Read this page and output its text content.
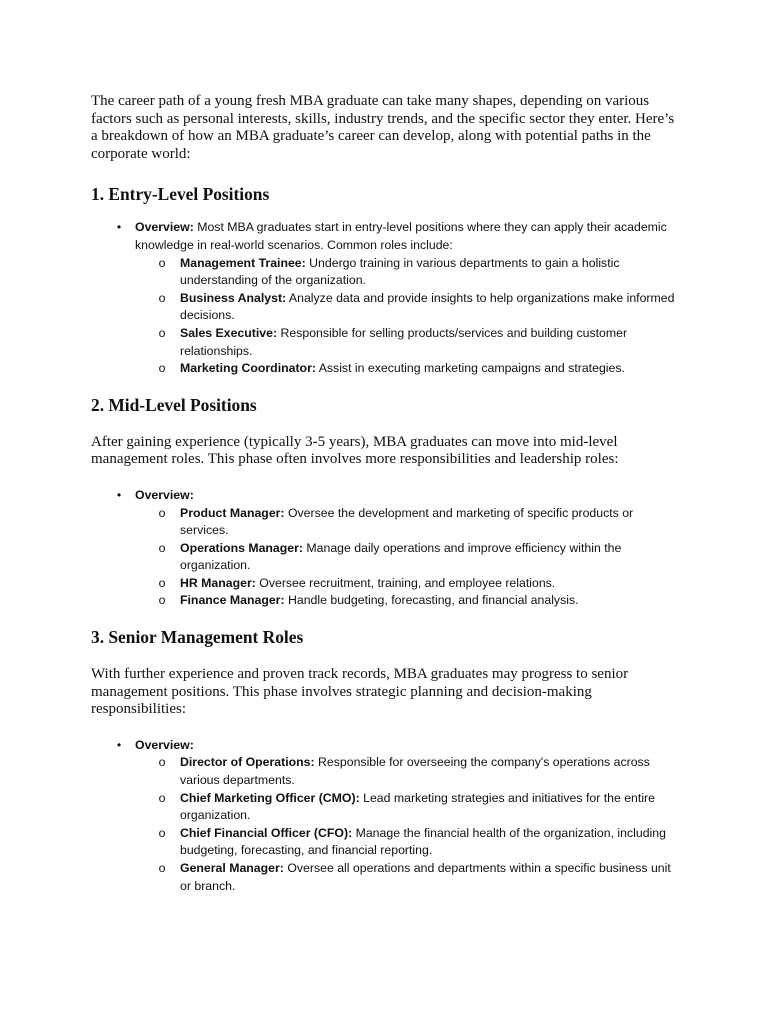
The career path of a young fresh MBA graduate can take many shapes, depending on various factors such as personal interests, skills, industry trends, and the specific sector they enter. Here’s a breakdown of how an MBA graduate’s career can develop, along with potential paths in the corporate world:

1. Entry-Level Positions
•	Overview: Most MBA graduates start in entry-level positions where they can apply their academic knowledge in real-world scenarios. Common roles include:
o Management Trainee: Undergo training in various departments to gain a holistic understanding of the organization.
o Business Analyst: Analyze data and provide insights to help organizations make informed decisions.
o Sales Executive: Responsible for selling products/services and building customer relationships.
o Marketing Coordinator: Assist in executing marketing campaigns and strategies.
2. Mid-Level Positions

After gaining experience (typically 3-5 years), MBA graduates can move into mid-level management roles. This phase often involves more responsibilities and leadership roles:

•	Overview:
o Product Manager: Oversee the development and marketing of specific products or services.
o Operations Manager: Manage daily operations and improve efficiency within the organization.
o HR Manager: Oversee recruitment, training, and employee relations.
o Finance Manager: Handle budgeting, forecasting, and financial analysis.
3. Senior Management Roles

With further experience and proven track records, MBA graduates may progress to senior management positions. This phase involves strategic planning and decision-making responsibilities:

•	Overview:
o Director of Operations: Responsible for overseeing the company's operations across various departments.
o Chief Marketing Officer (CMO): Lead marketing strategies and initiatives for the entire organization.
o Chief Financial Officer (CFO): Manage the financial health of the organization, including budgeting, forecasting, and financial reporting.
o General Manager: Oversee all operations and departments within a specific business unit or branch.
